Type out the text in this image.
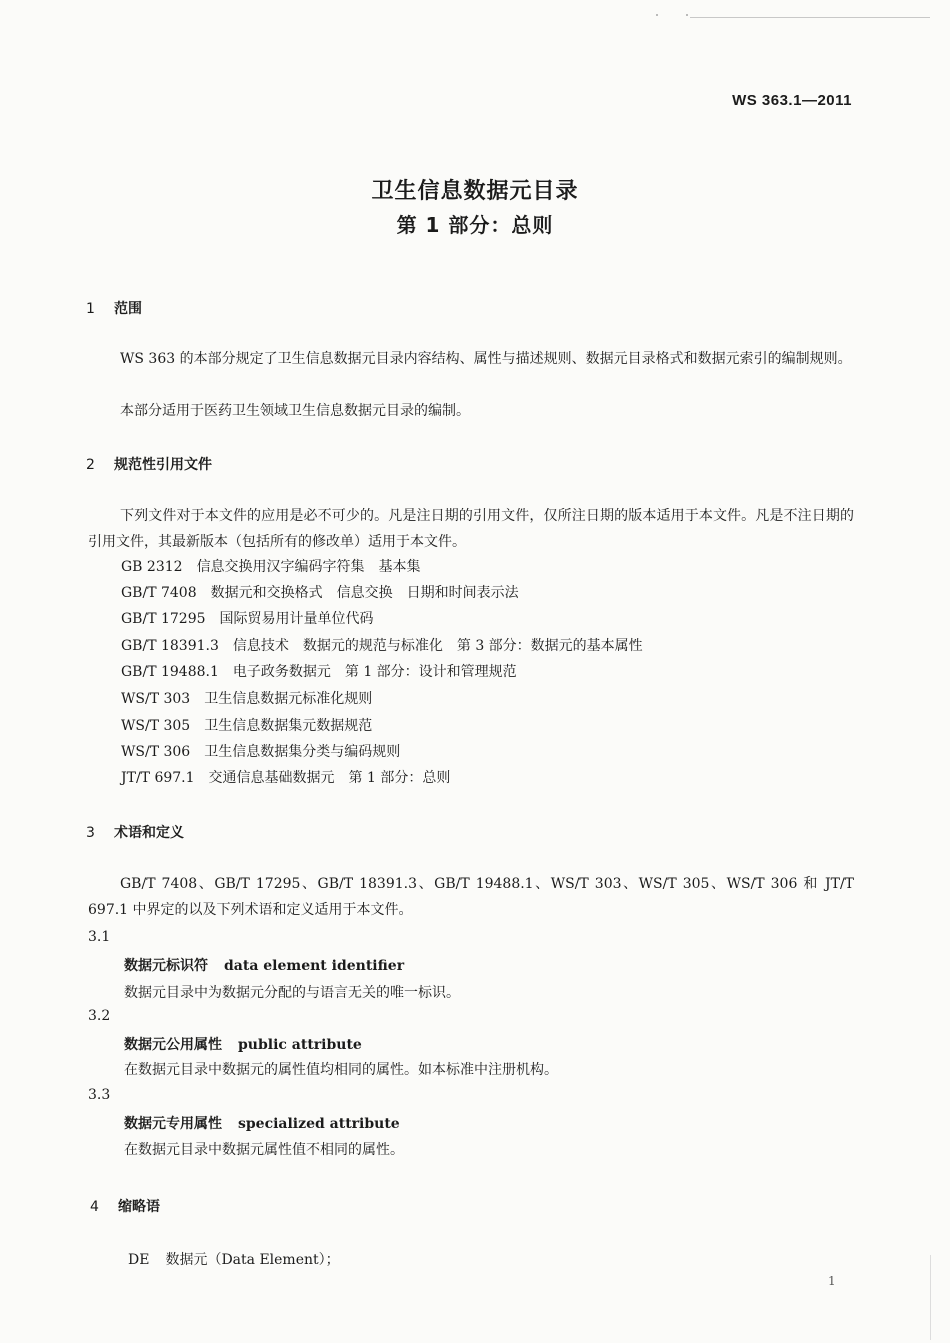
WS 363.1—2011
卫生信息数据元目录
第 1 部分：总则
1 范围
WS 363 的本部分规定了卫生信息数据元目录内容结构、属性与描述规则、数据元目录格式和数据元索引的编制规则。
本部分适用于医药卫生领域卫生信息数据元目录的编制。
2 规范性引用文件
下列文件对于本文件的应用是必不可少的。凡是注日期的引用文件，仅所注日期的版本适用于本文件。凡是不注日期的引用文件，其最新版本（包括所有的修改单）适用于本文件。
GB 2312 信息交换用汉字编码字符集　基本集
GB/T 7408 数据元和交换格式　信息交换　日期和时间表示法
GB/T 17295 国际贸易用计量单位代码
GB/T 18391.3 信息技术　数据元的规范与标准化　第 3 部分：数据元的基本属性
GB/T 19488.1 电子政务数据元　第 1 部分：设计和管理规范
WS/T 303 卫生信息数据元标准化规则
WS/T 305 卫生信息数据集元数据规范
WS/T 306 卫生信息数据集分类与编码规则
JT/T 697.1 交通信息基础数据元　第 1 部分：总则
3 术语和定义
GB/T 7408、GB/T 17295、GB/T 18391.3、GB/T 19488.1、WS/T 303、WS/T 305、WS/T 306 和 JT/T 697.1 中界定的以及下列术语和定义适用于本文件。
3.1
数据元标识符 data element identifier
数据元目录中为数据元分配的与语言无关的唯一标识。
3.2
数据元公用属性 public attribute
在数据元目录中数据元的属性值均相同的属性。如本标准中注册机构。
3.3
数据元专用属性 specialized attribute
在数据元目录中数据元属性值不相同的属性。
4 缩略语
DE 数据元（Data Element）；
1
